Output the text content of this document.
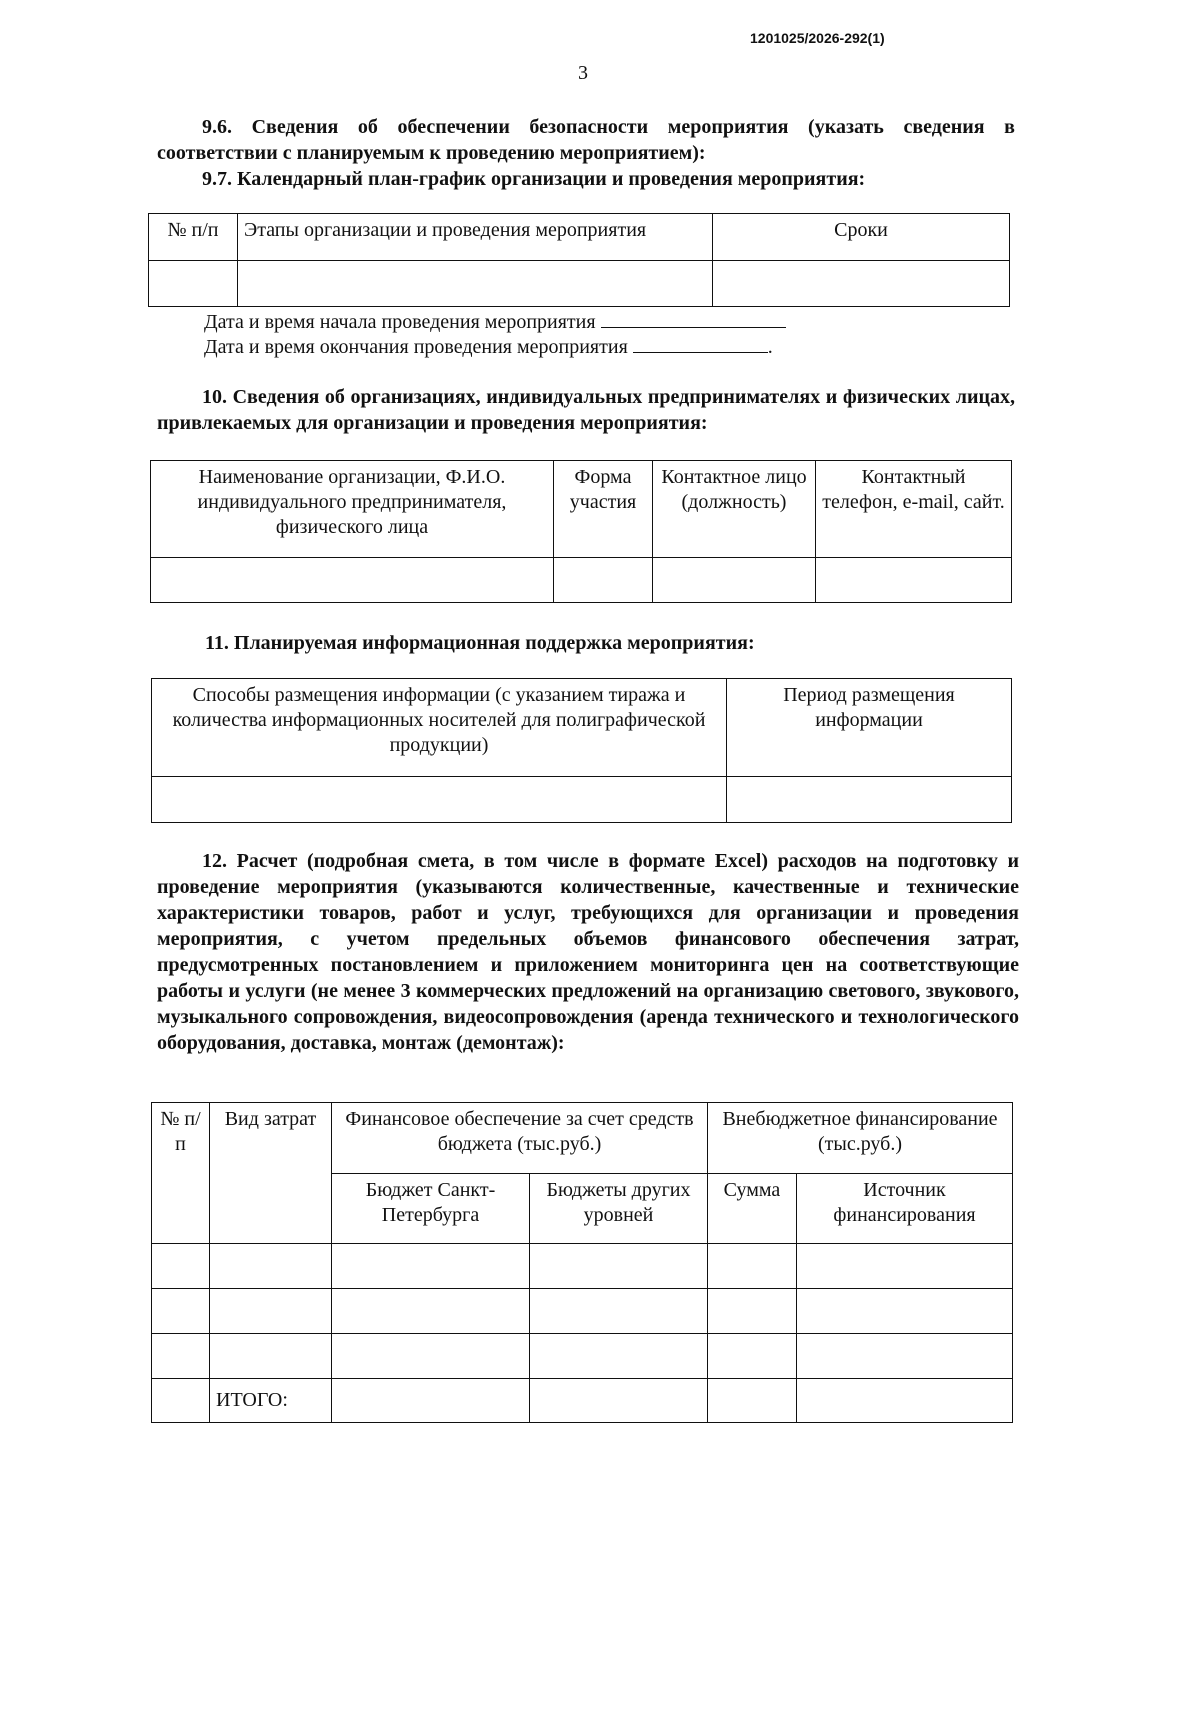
1201025/2026-292(1)
3
9.6. Сведения об обеспечении безопасности мероприятия (указать сведения в соответствии с планируемым к проведению мероприятием):
9.7. Календарный план-график организации и проведения мероприятия:
№ п/п	Этапы организации и проведения мероприятия	Сроки

Дата и время начала проведения мероприятия
Дата и время окончания проведения мероприятия	.
10. Сведения об организациях, индивидуальных предпринимателях и физических лицах, привлекаемых для организации и проведения мероприятия:
Наименование организации, Ф.И.О. индивидуального предпринимателя, физического лица	Форма участия	Контактное лицо (должность)	Контактный телефон, e-mail, сайт.

11. Планируемая информационная поддержка мероприятия:
Способы размещения информации (с указанием тиража и количества информационных носителей для полиграфической продукции)	Период размещения информации

12. Расчет (подробная смета, в том числе в формате Excel) расходов на подготовку и проведение мероприятия (указываются количественные, качественные и технические характеристики товаров, работ и услуг, требующихся для организации и проведения мероприятия, с учетом предельных объемов финансового обеспечения затрат, предусмотренных постановлением и приложением мониторинга цен на соответствующие работы и услуги (не менее 3 коммерческих предложений на организацию светового, звукового, музыкального сопровождения, видеосопровождения (аренда технического и технологического оборудования, доставка, монтаж (демонтаж):
№ п/п	Вид затрат	Финансовое обеспечение за счет средств бюджета (тыс.руб.)		Внебюджетное финансирование (тыс.руб.)	
		Бюджет Санкт-Петербурга	Бюджеты других уровней	Сумма	Источник финансирования

	ИТОГО:				
